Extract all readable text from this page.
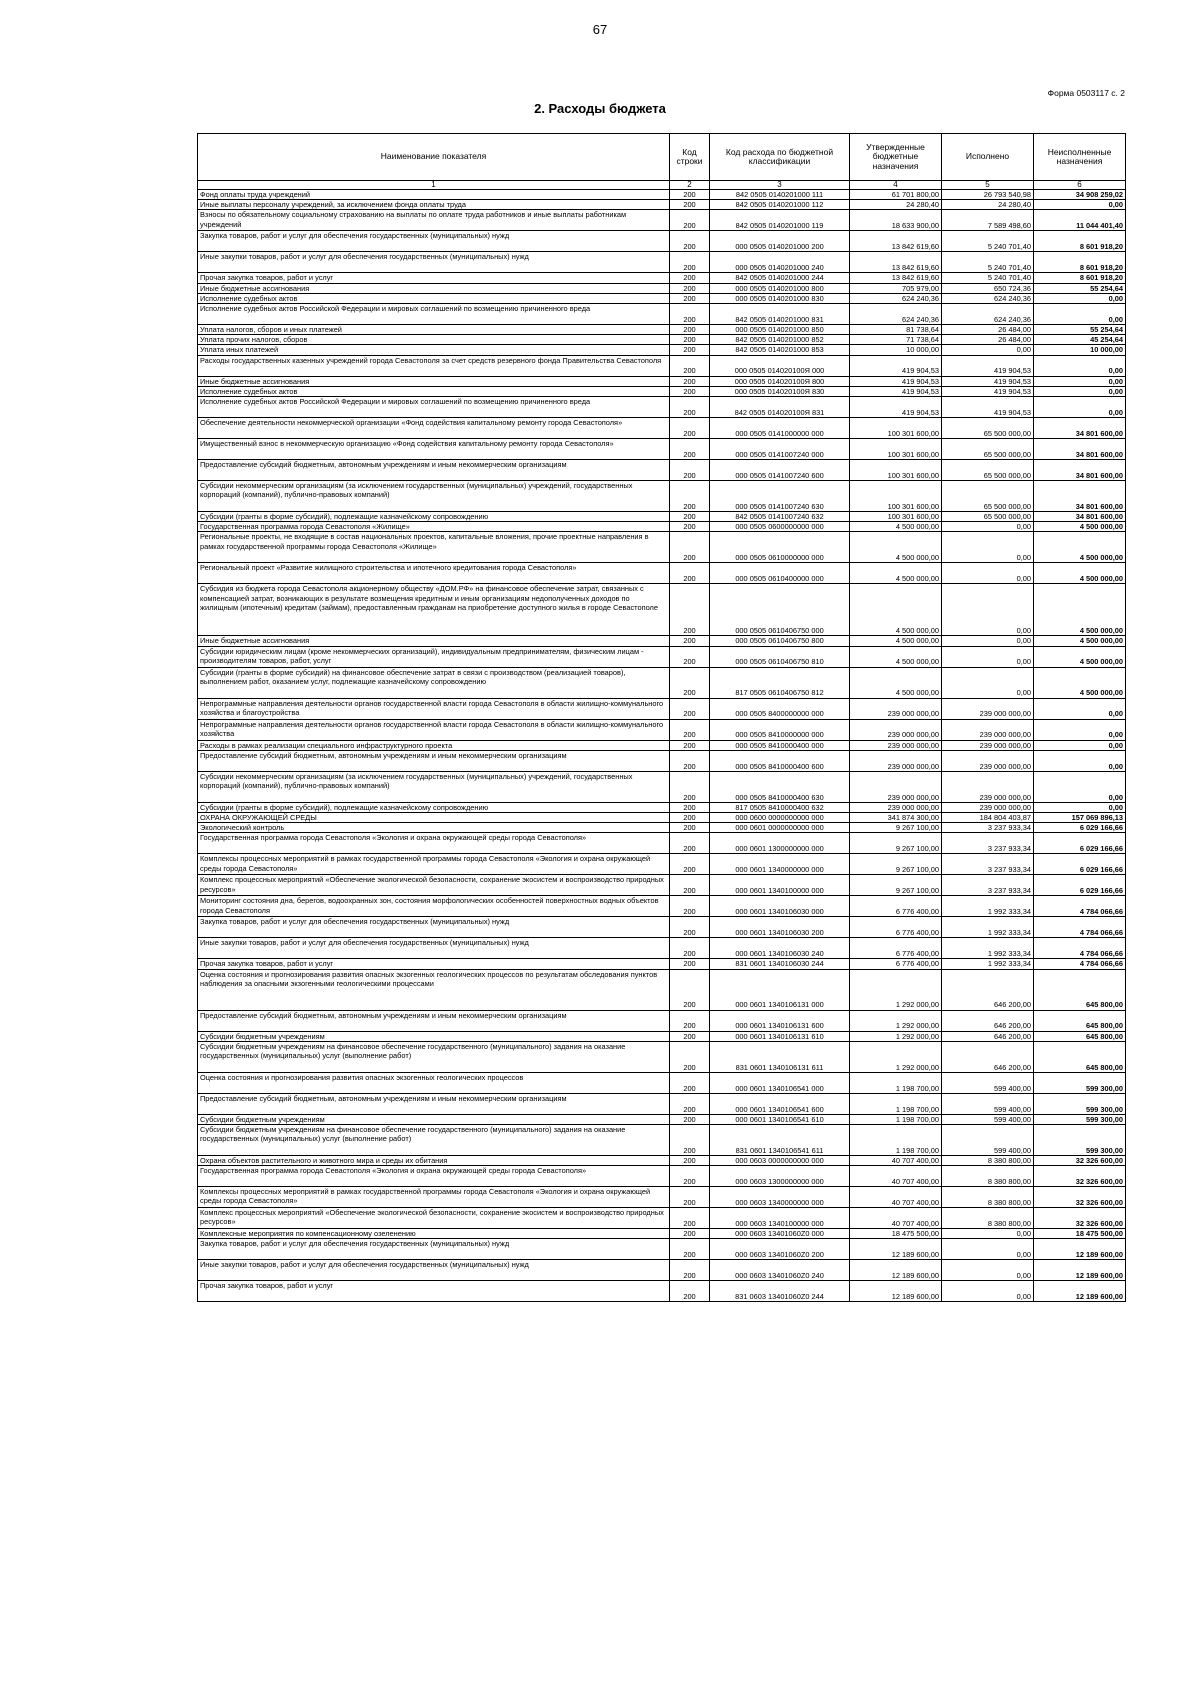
67
Форма 0503117 с. 2
2. Расходы бюджета
Наименование показателя	Код строки	Код расхода по бюджетной классификации	Утвержденные бюджетные назначения	Исполнено	Неисполненные назначения
1	2	3	4	5	6
Фонд оплаты труда учреждений	200	842 0505 0140201000 111	61 701 800,00	26 793 540,98	34 908 259,02
Иные выплаты персоналу учреждений, за исключением фонда оплаты труда	200	842 0505 0140201000 112	24 280,40	24 280,40	0,00
Взносы по обязательному социальному страхованию на выплаты по оплате труда работников и иные выплаты работникам учреждений	200	842 0505 0140201000 119	18 633 900,00	7 589 498,60	11 044 401,40
Закупка товаров, работ и услуг для обеспечения государственных (муниципальных) нужд	200	000 0505 0140201000 200	13 842 619,60	5 240 701,40	8 601 918,20
Иные закупки товаров, работ и услуг для обеспечения государственных (муниципальных) нужд	200	000 0505 0140201000 240	13 842 619,60	5 240 701,40	8 601 918,20
Прочая закупка товаров, работ и услуг	200	842 0505 0140201000 244	13 842 619,60	5 240 701,40	8 601 918,20
Иные бюджетные ассигнования	200	000 0505 0140201000 800	705 979,00	650 724,36	55 254,64
Исполнение судебных актов	200	000 0505 0140201000 830	624 240,36	624 240,36	0,00
Исполнение судебных актов Российской Федерации и мировых соглашений по возмещению причиненного вреда	200	842 0505 0140201000 831	624 240,36	624 240,36	0,00
Уплата налогов, сборов и иных платежей	200	000 0505 0140201000 850	81 738,64	26 484,00	55 254,64
Уплата прочих налогов, сборов	200	842 0505 0140201000 852	71 738,64	26 484,00	45 254,64
Уплата иных платежей	200	842 0505 0140201000 853	10 000,00	0,00	10 000,00
Расходы государственных казенных учреждений города Севастополя за счет средств резервного фонда Правительства Севастополя	200	000 0505 014020100Я 000	419 904,53	419 904,53	0,00
Иные бюджетные ассигнования	200	000 0505 014020100Я 800	419 904,53	419 904,53	0,00
Исполнение судебных актов	200	000 0505 014020100Я 830	419 904,53	419 904,53	0,00
Исполнение судебных актов Российской Федерации и мировых соглашений по возмещению причиненного вреда	200	842 0505 014020100Я 831	419 904,53	419 904,53	0,00
Обеспечение деятельности некоммерческой организации «Фонд содействия капитальному ремонту города Севастополя»	200	000 0505 0141000000 000	100 301 600,00	65 500 000,00	34 801 600,00
Имущественный взнос в некоммерческую организацию «Фонд содействия капитальному ремонту города Севастополя»	200	000 0505 0141007240 000	100 301 600,00	65 500 000,00	34 801 600,00
Предоставление субсидий бюджетным, автономным учреждениям и иным некоммерческим организациям	200	000 0505 0141007240 600	100 301 600,00	65 500 000,00	34 801 600,00
Субсидии некоммерческим организациям (за исключением государственных (муниципальных) учреждений, государственных корпораций (компаний), публично-правовых компаний)	200	000 0505 0141007240 630	100 301 600,00	65 500 000,00	34 801 600,00
Субсидии (гранты в форме субсидий), подлежащие казначейскому сопровождению	200	842 0505 0141007240 632	100 301 600,00	65 500 000,00	34 801 600,00
Государственная программа города Севастополя «Жилище»	200	000 0505 0600000000 000	4 500 000,00	0,00	4 500 000,00
Региональные проекты, не входящие в состав национальных проектов, капитальные вложения, прочие проектные направления в рамках государственной программы города Севастополя «Жилище»	200	000 0505 0610000000 000	4 500 000,00	0,00	4 500 000,00
Региональный проект «Развитие жилищного строительства и ипотечного кредитования города Севастополя»	200	000 0505 0610400000 000	4 500 000,00	0,00	4 500 000,00
Субсидия из бюджета города Севастополя акционерному обществу «ДОМ.РФ» на финансовое обеспечение затрат, связанных с компенсацией затрат, возникающих в результате возмещения кредитным и иным организациям недополученных доходов по жилищным (ипотечным) кредитам (займам), предоставленным гражданам на приобретение доступного жилья в городе Севастополе	200	000 0505 0610406750 000	4 500 000,00	0,00	4 500 000,00
Иные бюджетные ассигнования	200	000 0505 0610406750 800	4 500 000,00	0,00	4 500 000,00
Субсидии юридическим лицам (кроме некоммерческих организаций), индивидуальным предпринимателям, физическим лицам - производителям товаров, работ, услуг	200	000 0505 0610406750 810	4 500 000,00	0,00	4 500 000,00
Субсидии (гранты в форме субсидий) на финансовое обеспечение затрат в связи с производством (реализацией товаров), выполнением работ, оказанием услуг, подлежащие казначейскому сопровождению	200	817 0505 0610406750 812	4 500 000,00	0,00	4 500 000,00
Непрограммные направления деятельности органов государственной власти города Севастополя в области жилищно-коммунального хозяйства и благоустройства	200	000 0505 8400000000 000	239 000 000,00	239 000 000,00	0,00
Непрограммные направления деятельности органов государственной власти города Севастополя в области жилищно-коммунального хозяйства	200	000 0505 8410000000 000	239 000 000,00	239 000 000,00	0,00
Расходы в рамках реализации специального инфраструктурного проекта	200	000 0505 8410000400 000	239 000 000,00	239 000 000,00	0,00
Предоставление субсидий бюджетным, автономным учреждениям и иным некоммерческим организациям	200	000 0505 8410000400 600	239 000 000,00	239 000 000,00	0,00
Субсидии некоммерческим организациям (за исключением государственных (муниципальных) учреждений, государственных корпораций (компаний), публично-правовых компаний)	200	000 0505 8410000400 630	239 000 000,00	239 000 000,00	0,00
Субсидии (гранты в форме субсидий), подлежащие казначейскому сопровождению	200	817 0505 8410000400 632	239 000 000,00	239 000 000,00	0,00
ОХРАНА ОКРУЖАЮЩЕЙ СРЕДЫ	200	000 0600 0000000000 000	341 874 300,00	184 804 403,87	157 069 896,13
Экологический контроль	200	000 0601 0000000000 000	9 267 100,00	3 237 933,34	6 029 166,66
Государственная программа города Севастополя «Экология и охрана окружающей среды города Севастополя»	200	000 0601 1300000000 000	9 267 100,00	3 237 933,34	6 029 166,66
Комплексы процессных мероприятий в рамках государственной программы города Севастополя «Экология и охрана окружающей среды города Севастополя»	200	000 0601 1340000000 000	9 267 100,00	3 237 933,34	6 029 166,66
Комплекс процессных мероприятий «Обеспечение экологической безопасности, сохранение экосистем и воспроизводство природных ресурсов»	200	000 0601 1340100000 000	9 267 100,00	3 237 933,34	6 029 166,66
Мониторинг состояния дна, берегов, водоохранных зон, состояния морфологических особенностей поверхностных водных объектов города Севастополя	200	000 0601 1340106030 000	6 776 400,00	1 992 333,34	4 784 066,66
Закупка товаров, работ и услуг для обеспечения государственных (муниципальных) нужд	200	000 0601 1340106030 200	6 776 400,00	1 992 333,34	4 784 066,66
Иные закупки товаров, работ и услуг для обеспечения государственных (муниципальных) нужд	200	000 0601 1340106030 240	6 776 400,00	1 992 333,34	4 784 066,66
Прочая закупка товаров, работ и услуг	200	831 0601 1340106030 244	6 776 400,00	1 992 333,34	4 784 066,66
Оценка состояния и прогнозирования развития опасных экзогенных геологических процессов по результатам обследования пунктов наблюдения за опасными экзогенными геологическими процессами	200	000 0601 1340106131 000	1 292 000,00	646 200,00	645 800,00
Предоставление субсидий бюджетным, автономным учреждениям и иным некоммерческим организациям	200	000 0601 1340106131 600	1 292 000,00	646 200,00	645 800,00
Субсидии бюджетным учреждениям	200	000 0601 1340106131 610	1 292 000,00	646 200,00	645 800,00
Субсидии бюджетным учреждениям на финансовое обеспечение государственного (муниципального) задания на оказание государственных (муниципальных) услуг (выполнение работ)	200	831 0601 1340106131 611	1 292 000,00	646 200,00	645 800,00
Оценка состояния и прогнозирования развития опасных экзогенных геологических процессов	200	000 0601 1340106541 000	1 198 700,00	599 400,00	599 300,00
Предоставление субсидий бюджетным, автономным учреждениям и иным некоммерческим организациям	200	000 0601 1340106541 600	1 198 700,00	599 400,00	599 300,00
Субсидии бюджетным учреждениям	200	000 0601 1340106541 610	1 198 700,00	599 400,00	599 300,00
Субсидии бюджетным учреждениям на финансовое обеспечение государственного (муниципального) задания на оказание государственных (муниципальных) услуг (выполнение работ)	200	831 0601 1340106541 611	1 198 700,00	599 400,00	599 300,00
Охрана объектов растительного и животного мира и среды их обитания	200	000 0603 0000000000 000	40 707 400,00	8 380 800,00	32 326 600,00
Государственная программа города Севастополя «Экология и охрана окружающей среды города Севастополя»	200	000 0603 1300000000 000	40 707 400,00	8 380 800,00	32 326 600,00
Комплексы процессных мероприятий в рамках государственной программы города Севастополя «Экология и охрана окружающей среды города Севастополя»	200	000 0603 1340000000 000	40 707 400,00	8 380 800,00	32 326 600,00
Комплекс процессных мероприятий «Обеспечение экологической безопасности, сохранение экосистем и воспроизводство природных ресурсов»	200	000 0603 1340100000 000	40 707 400,00	8 380 800,00	32 326 600,00
Комплексные мероприятия по компенсационному озеленению	200	000 0603 13401060Z0 000	18 475 500,00	0,00	18 475 500,00
Закупка товаров, работ и услуг для обеспечения государственных (муниципальных) нужд	200	000 0603 13401060Z0 200	12 189 600,00	0,00	12 189 600,00
Иные закупки товаров, работ и услуг для обеспечения государственных (муниципальных) нужд	200	000 0603 13401060Z0 240	12 189 600,00	0,00	12 189 600,00
Прочая закупка товаров, работ и услуг	200	831 0603 13401060Z0 244	12 189 600,00	0,00	12 189 600,00
